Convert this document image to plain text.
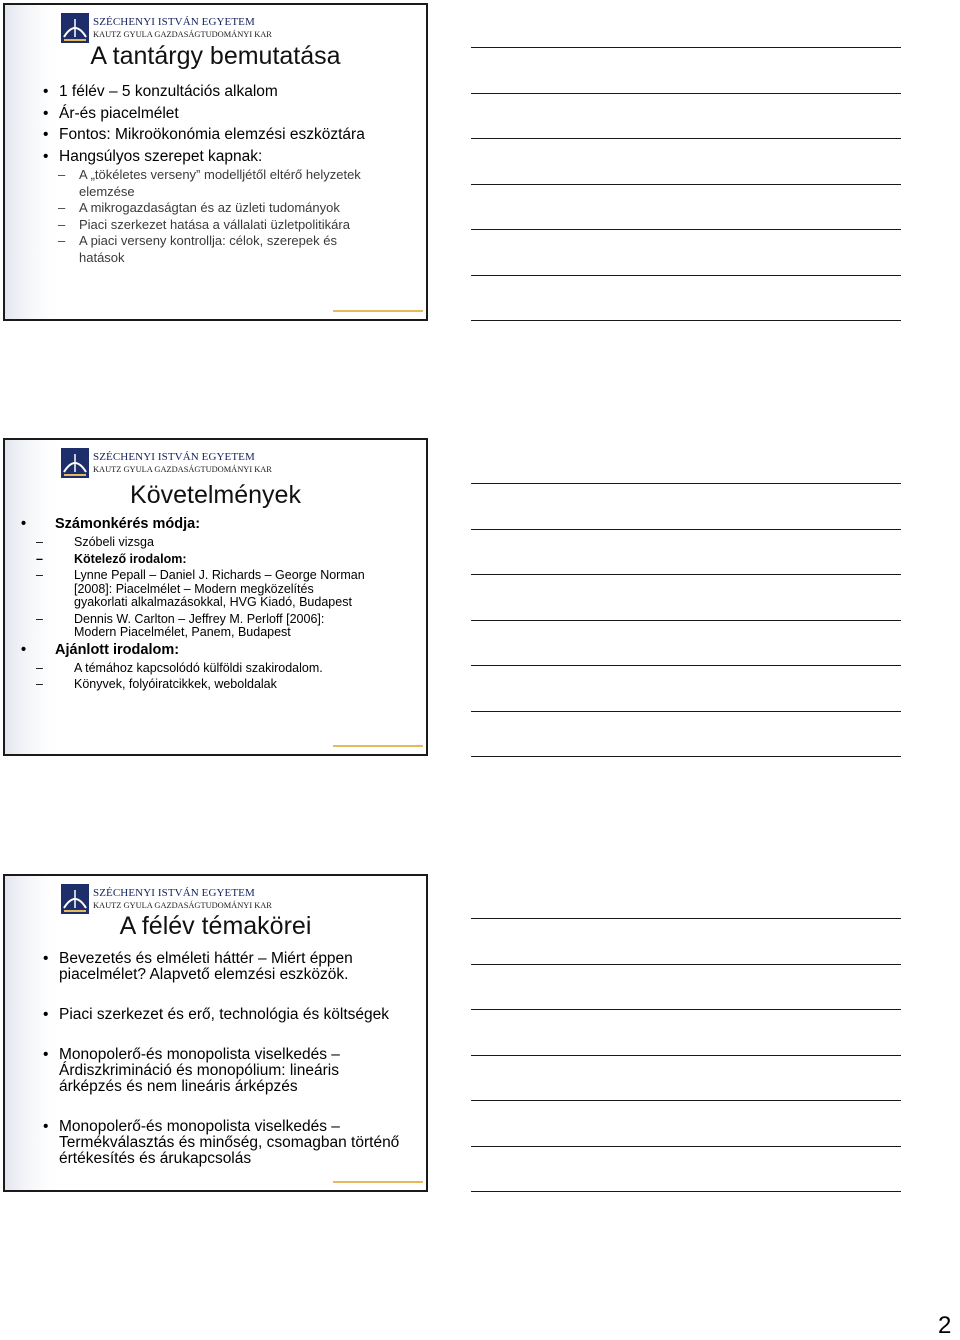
SZÉCHENYI ISTVÁN EGYETEM
KAUTZ GYULA GAZDASÁGTUDOMÁNYI KAR
A tantárgy bemutatása
• 1 félév – 5 konzultációs alkalom
• Ár-és piacelmélet
• Fontos: Mikroökonómia elemzési eszköztára
• Hangsúlyos szerepet kapnak:
– A „tökéletes verseny” modelljétől eltérő helyzetek elemzése
– A mikrogazdaságtan és az üzleti tudományok
– Piaci szerkezet hatása a vállalati üzletpolitikára
– A piaci verseny kontrollja: célok, szerepek és hatások
SZÉCHENYI ISTVÁN EGYETEM
KAUTZ GYULA GAZDASÁGTUDOMÁNYI KAR
Követelmények
• Számonkérés módja:
– Szóbeli vizsga
– Kötelező irodalom:
– Lynne Pepall – Daniel J. Richards – George Norman [2008]: Piacelmélet – Modern megközelítés gyakorlati alkalmazásokkal, HVG Kiadó, Budapest
– Dennis W. Carlton – Jeffrey M. Perloff [2006]: Modern Piacelmélet, Panem, Budapest
• Ajánlott irodalom:
– A témához kapcsolódó külföldi szakirodalom.
– Könyvek, folyóiratcikkek, weboldalak
SZÉCHENYI ISTVÁN EGYETEM
KAUTZ GYULA GAZDASÁGTUDOMÁNYI KAR
A félév témakörei
• Bevezetés és elméleti háttér – Miért éppen piacelmélet? Alapvető elemzési eszközök.
• Piaci szerkezet és erő, technológia és költségek
• Monopolerő-és monopolista viselkedés – Árdiszkrimináció és monopólium: lineáris árképzés és nem lineáris árképzés
• Monopolerő-és monopolista viselkedés – Termékválasztás és minőség, csomagban történő értékesítés és árukapcsolás
2
